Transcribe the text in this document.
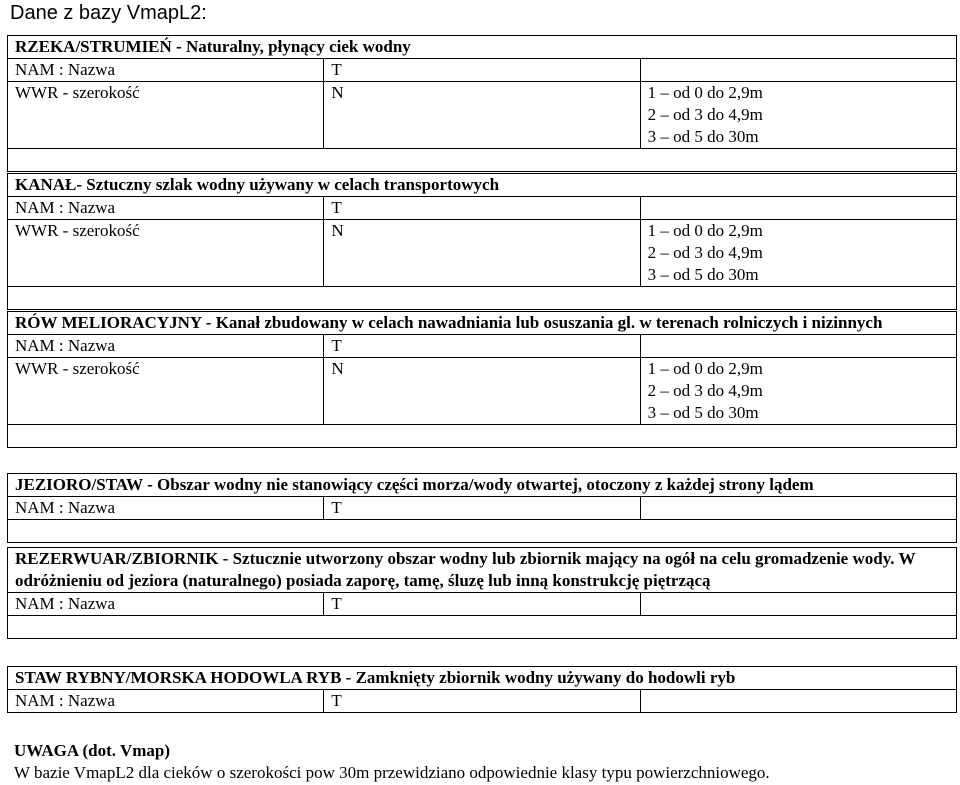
Dane z bazy VmapL2:
RZEKA/STRUMIEŃ - Naturalny, płynący ciek wodny		
NAM : Nazwa	T	
WWR - szerokość	N	1 – od 0 do 2,9m
2 – od 3 do 4,9m
3 – od 5 do 30m

KANAŁ- Sztuczny szlak wodny używany w celach transportowych		
NAM : Nazwa	T	
WWR - szerokość	N	1 – od 0 do 2,9m
2 – od 3 do 4,9m
3 – od 5 do 30m

RÓW MELIORACYJNY - Kanał zbudowany w celach nawadniania lub osuszania gl. w terenach rolniczych i nizinnych		
NAM : Nazwa	T	
WWR - szerokość	N	1 – od 0 do 2,9m
2 – od 3 do 4,9m
3 – od 5 do 30m

JEZIORO/STAW - Obszar wodny nie stanowiący części morza/wody otwartej, otoczony z każdej strony lądem
NAM : Nazwa	T	

REZERWUAR/ZBIORNIK - Sztucznie utworzony obszar wodny lub zbiornik mający na ogół na celu gromadzenie wody. W odróżnieniu od jeziora (naturalnego) posiada zaporę, tamę, śluzę lub inną konstrukcję piętrzącą
NAM : Nazwa	T	

STAW RYBNY/MORSKA HODOWLA RYB - Zamknięty zbiornik wodny używany do hodowli ryb
NAM : Nazwa	T	
UWAGA (dot. Vmap)
W bazie VmapL2 dla cieków o szerokości pow 30m przewidziano odpowiednie klasy typu powierzchniowego.
